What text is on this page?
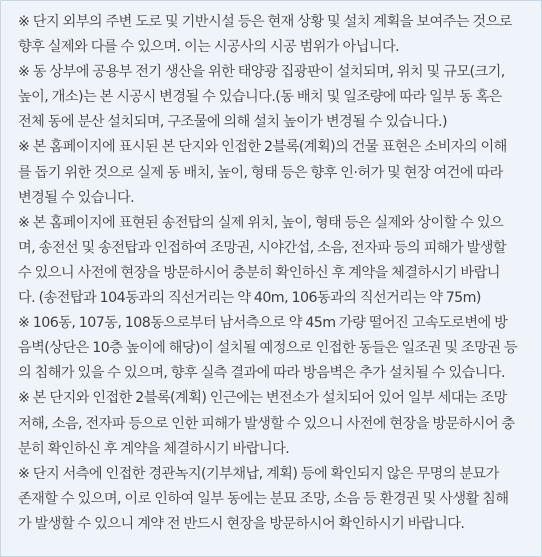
※ 단지 외부의 주변 도로 및 기반시설 등은 현재 상황 및 설치 계획을 보여주는 것으로
향후 실제와 다를 수 있으며. 이는 시공사의 시공 범위가 아닙니다.
※ 동 상부에 공용부 전기 생산을 위한 태양광 집광판이 설치되며, 위치 및 규모(크기,
높이, 개소)는 본 시공시 변경될 수 있습니다.(동 배치 및 일조량에 따라 일부 동 혹은
전체 동에 분산 설치되며, 구조물에 의해 설치 높이가 변경될 수 있습니다.)
※ 본 홈페이지에 표시된 본 단지와 인접한 2블록(계획)의 건물 표현은 소비자의 이해
를 돕기 위한 것으로 실제 동 배치, 높이, 형태 등은 향후 인·허가 및 현장 여건에 따라
변경될 수 있습니다.
※ 본 홈페이지에 표현된 송전탑의 실제 위치, 높이, 형태 등은 실제와 상이할 수 있으
며, 송전선 및 송전탑과 인접하여 조망권, 시야간섭, 소음, 전자파 등의 피해가 발생할
수 있으니 사전에 현장을 방문하시어 충분히 확인하신 후 계약을 체결하시기 바랍니
다. (송전탑과 104동과의 직선거리는 약 40m, 106동과의 직선거리는 약 75m)
※ 106동, 107동, 108동으로부터 남서측으로 약 45m 가량 떨어진 고속도로변에 방
음벽(상단은 10층 높이에 해당)이 설치될 예정으로 인접한 동들은 일조권 및 조망권 등
의 침해가 있을 수 있으며, 향후 실측 결과에 따라 방음벽은 추가 설치될 수 있습니다.
※ 본 단지와 인접한 2블록(계획) 인근에는 변전소가 설치되어 있어 일부 세대는 조망
저해, 소음, 전자파 등으로 인한 피해가 발생할 수 있으니 사전에 현장을 방문하시어 충
분히 확인하신 후 계약을 체결하시기 바랍니다.
※ 단지 서측에 인접한 경관녹지(기부채납, 계획) 등에 확인되지 않은 무명의 분묘가
존재할 수 있으며, 이로 인하여 일부 동에는 분묘 조망, 소음 등 환경권 및 사생활 침해
가 발생할 수 있으니 계약 전 반드시 현장을 방문하시어 확인하시기 바랍니다.
